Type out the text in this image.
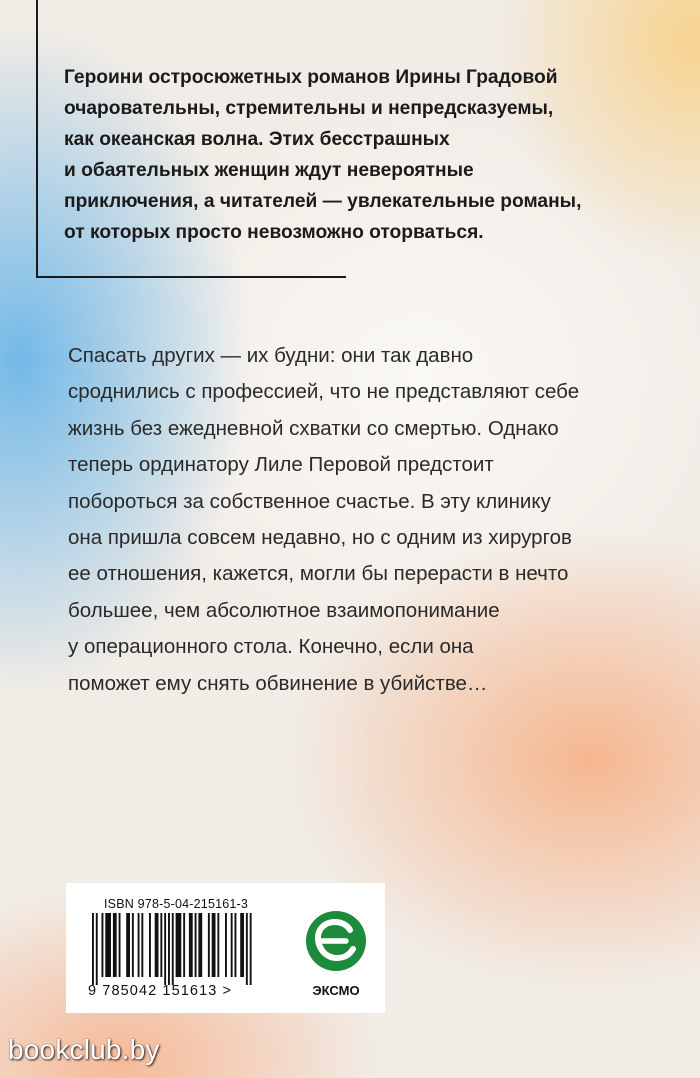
Героини остросюжетных романов Ирины Градовой
очаровательны, стремительны и непредсказуемы,
как океанская волна. Этих бесстрашных
и обаятельных женщин ждут невероятные
приключения, а читателей — увлекательные романы,
от которых просто невозможно оторваться.
Спасать других — их будни: они так давно
сроднились с профессией, что не представляют себе
жизнь без ежедневной схватки со смертью. Однако
теперь ординатору Лиле Перовой предстоит
побороться за собственное счастье. В эту клинику
она пришла совсем недавно, но с одним из хирургов
ее отношения, кажется, могли бы перерасти в нечто
большее, чем абсолютное взаимопонимание
у операционного стола. Конечно, если она
поможет ему снять обвинение в убийстве…
ISBN 978-5-04-215161-3
9 785042 151613 >	ЭКСМО
bookclub.by
